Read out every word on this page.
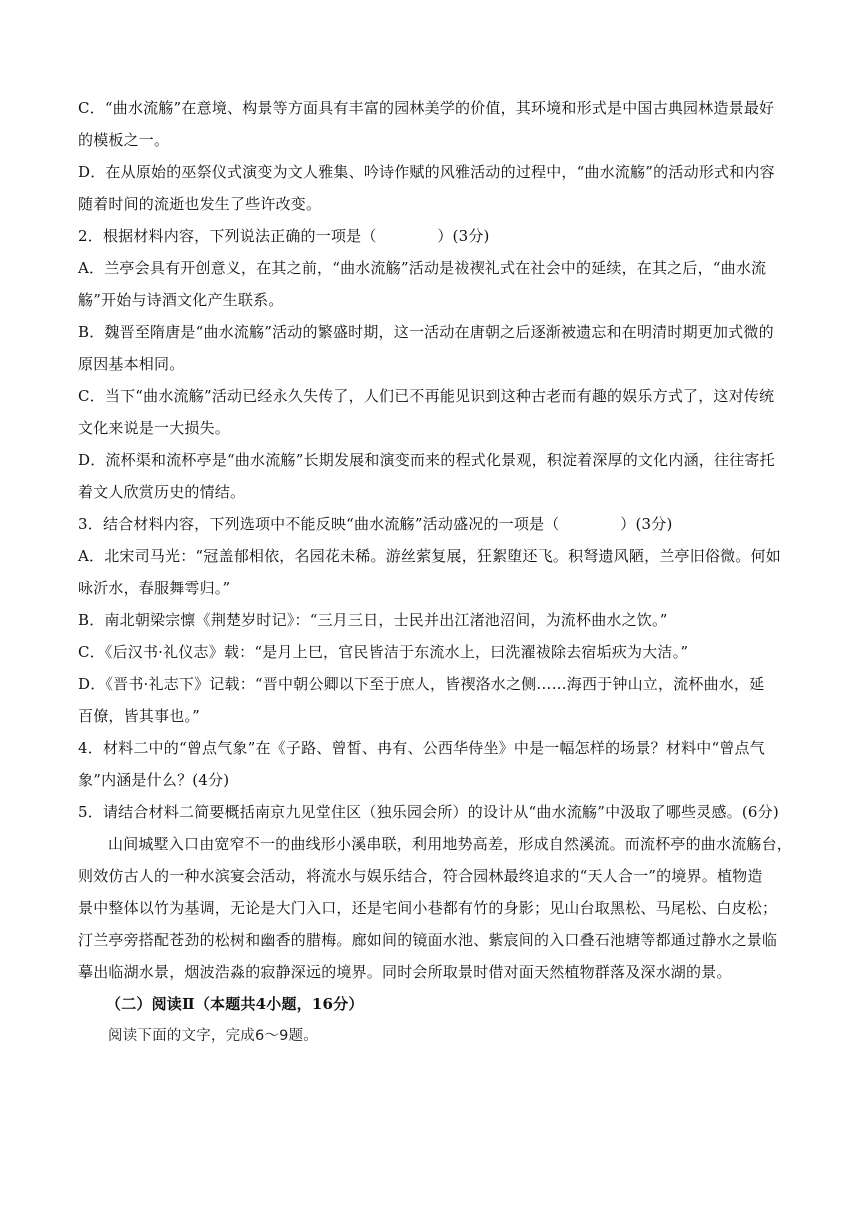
C．“曲水流觞”在意境、构景等方面具有丰富的园林美学的价值，其环境和形式是中国古典园林造景最好

的模板之一。

D．在从原始的巫祭仪式演变为文人雅集、吟诗作赋的风雅活动的过程中，“曲水流觞”的活动形式和内容

随着时间的流逝也发生了些许改变。

2．根据材料内容，下列说法正确的一项是（　　　　）(3分)

A．兰亭会具有开创意义，在其之前，“曲水流觞”活动是祓禊礼式在社会中的延续，在其之后，“曲水流

觞”开始与诗酒文化产生联系。

B．魏晋至隋唐是“曲水流觞”活动的繁盛时期，这一活动在唐朝之后逐渐被遗忘和在明清时期更加式微的

原因基本相同。

C．当下“曲水流觞”活动已经永久失传了，人们已不再能见识到这种古老而有趣的娱乐方式了，这对传统

文化来说是一大损失。

D．流杯渠和流杯亭是“曲水流觞”长期发展和演变而来的程式化景观，积淀着深厚的文化内涵，往往寄托

着文人欣赏历史的情结。

3．结合材料内容，下列选项中不能反映“曲水流觞”活动盛况的一项是（　　　　）(3分)

A．北宋司马光：“冠盖郁相依，名园花未稀。游丝萦复展，狂絮堕还飞。积弩遗风陋，兰亭旧俗微。何如

咏沂水，春服舞雩归。”

B．南北朝梁宗懔《荆楚岁时记》：“三月三日，士民并出江渚池沼间，为流杯曲水之饮。”

C．《后汉书·礼仪志》载：“是月上巳，官民皆洁于东流水上，曰洗濯祓除去宿垢疢为大洁。”

D．《晋书·礼志下》记载：“晋中朝公卿以下至于庶人，皆禊洛水之侧……海西于钟山立，流杯曲水，延

百僚，皆其事也。”

4．材料二中的“曾点气象”在《子路、曾皙、冉有、公西华侍坐》中是一幅怎样的场景？材料中“曾点气

象”内涵是什么？(4分)

5．请结合材料二简要概括南京九见堂住区（独乐园会所）的设计从“曲水流觞”中汲取了哪些灵感。(6分)

山间城墅入口由宽窄不一的曲线形小溪串联，利用地势高差，形成自然溪流。而流杯亭的曲水流觞台，

则效仿古人的一种水滨宴会活动，将流水与娱乐结合，符合园林最终追求的“天人合一”的境界。植物造

景中整体以竹为基调，无论是大门入口，还是宅间小巷都有竹的身影；见山台取黑松、马尾松、白皮松；

汀兰亭旁搭配苍劲的松树和幽香的腊梅。廊如间的镜面水池、紫宸间的入口叠石池塘等都通过静水之景临

摹出临湖水景，烟波浩淼的寂静深远的境界。同时会所取景时借对面天然植物群落及深水湖的景。

（二）阅读Ⅱ（本题共4小题，16分）

阅读下面的文字，完成6～9题。
